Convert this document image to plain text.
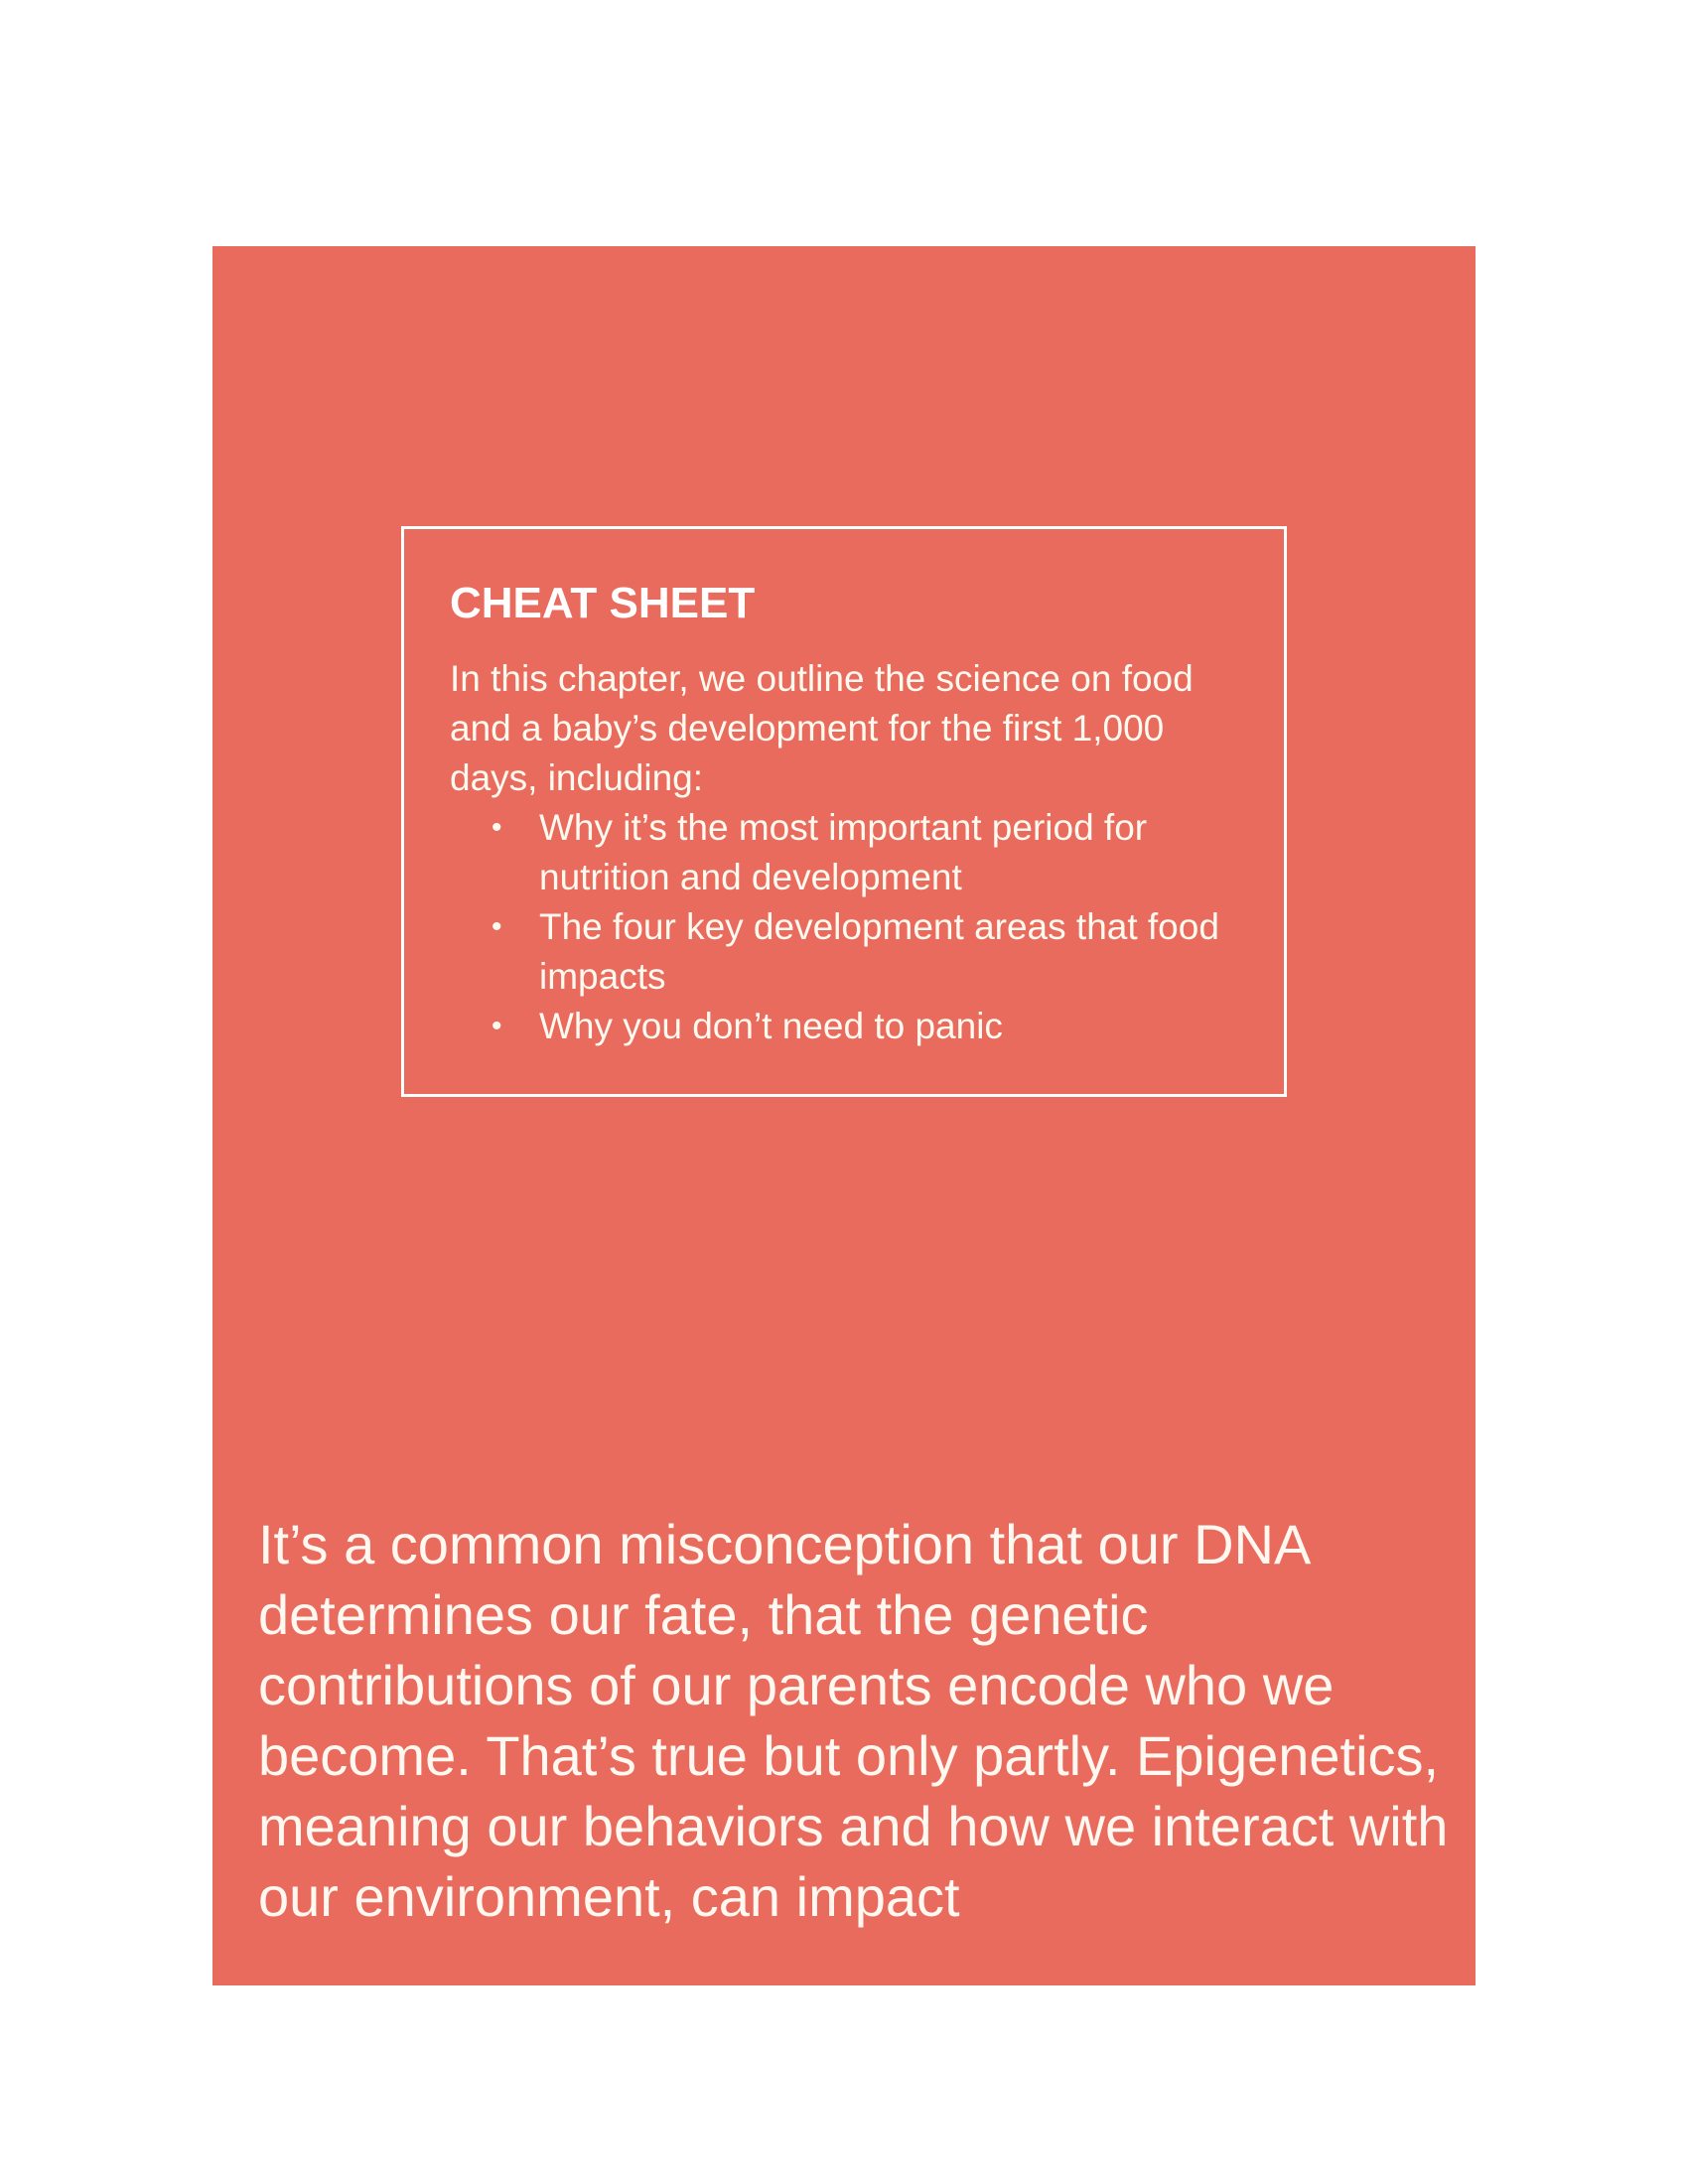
CHEAT SHEET

In this chapter, we outline the science on food and a baby’s development for the first 1,000 days, including:

• Why it’s the most important period for nutrition and development
• The four key development areas that food impacts
• Why you don’t need to panic

It’s a common misconception that our DNA determines our fate, that the genetic contributions of our parents encode who we become. That’s true but only partly. Epigenetics, meaning our behaviors and how we interact with our environment, can impact
